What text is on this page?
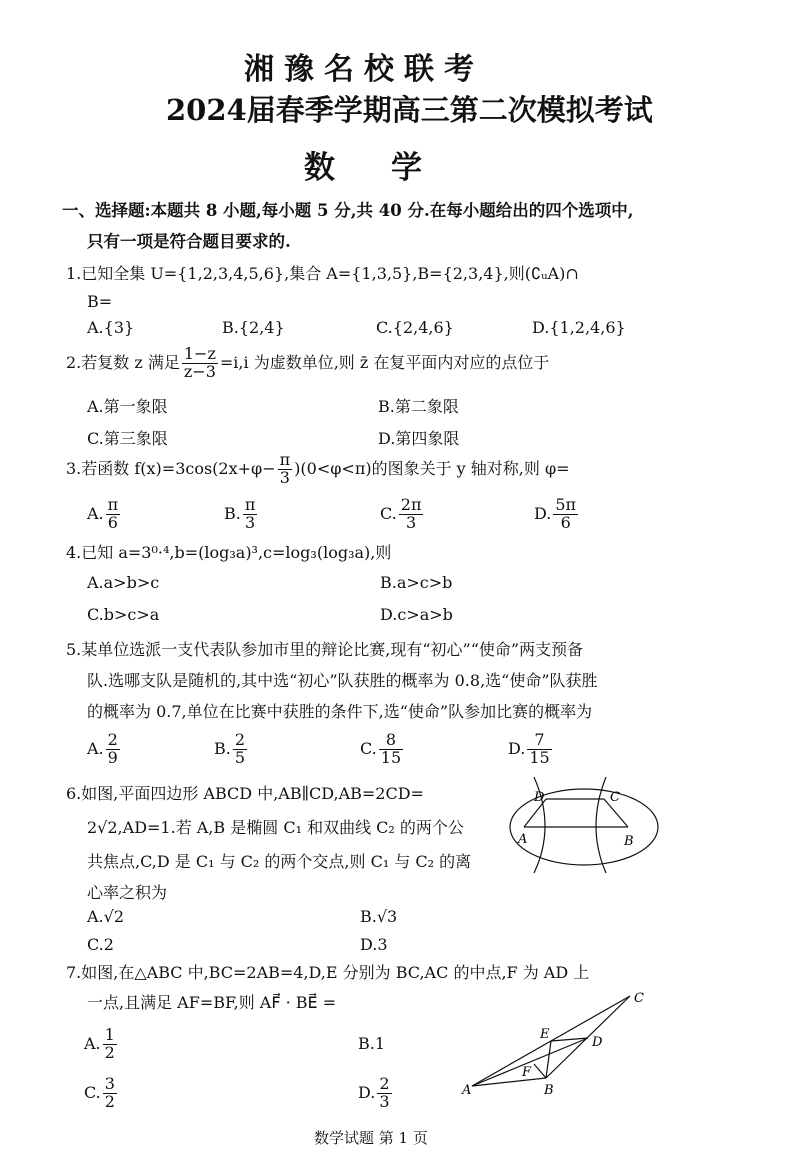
湘豫名校联考
2024届春季学期高三第二次模拟考试
数学
一、选择题:本题共 8 小题,每小题 5 分,共 40 分.在每小题给出的四个选项中,
只有一项是符合题目要求的.
1.已知全集 U={1,2,3,4,5,6},集合 A={1,3,5},B={2,3,4},则(∁ᵤA)∩
B=
A.{3}	B.{2,4}	C.{2,4,6}	D.{1,2,4,6}
2.若复数 z 满足 $\frac{1-z}{z-3} =i,i$ 为虚数单位,则 z̄ 在复平面内对应的点位于
A.第一象限	B.第二象限
C.第三象限	D.第四象限
3.若函数 $f(x)=3\cos(2x+\varphi- \frac{\pi}{3} )(0<\varphi<\pi)$的图象关于 y 轴对称,则 φ=
A. $\frac{\pi}{6}$	B. $\frac{\pi}{3}$	C. $\frac{2\pi}{3}$	D. $\frac{5\pi}{6}$
4.已知 a=3⁰·⁴,b=(log₃a)³,c=log₃(log₃a),则
A.a>b>c	B.a>c>b
C.b>c>a	D.c>a>b
5.某单位选派一支代表队参加市里的辩论比赛,现有“初心”“使命”两支预备
队.选哪支队是随机的,其中选“初心”队获胜的概率为 0.8,选“使命”队获胜
的概率为 0.7,单位在比赛中获胜的条件下,选“使命”队参加比赛的概率为
A. $\frac{2}{9}$	B. $\frac{2}{5}$	C. $\frac{8}{15}$	D. $\frac{7}{15}$
6.如图,平面四边形 ABCD 中,AB∥CD,AB=2CD=
2√2,AD=1.若 A,B 是椭圆 C₁ 和双曲线 C₂ 的两个公
共焦点,C,D 是 C₁ 与 C₂ 的两个交点,则 C₁ 与 C₂ 的离
心率之积为
A.√2	B.√3
C.2	D.3
D	C
A	B
7.如图,在△ABC 中,BC=2AB=4,D,E 分别为 BC,AC 的中点,F 为 AD 上
一点,且满足 AF=BF,则 AF⃗ · BE⃗ =
A. $\frac{1}{2}$	B.1
C. $\frac{3}{2}$	D. $\frac{2}{3}$
C
E
D
F
A	B
数学试题 第 1 页
